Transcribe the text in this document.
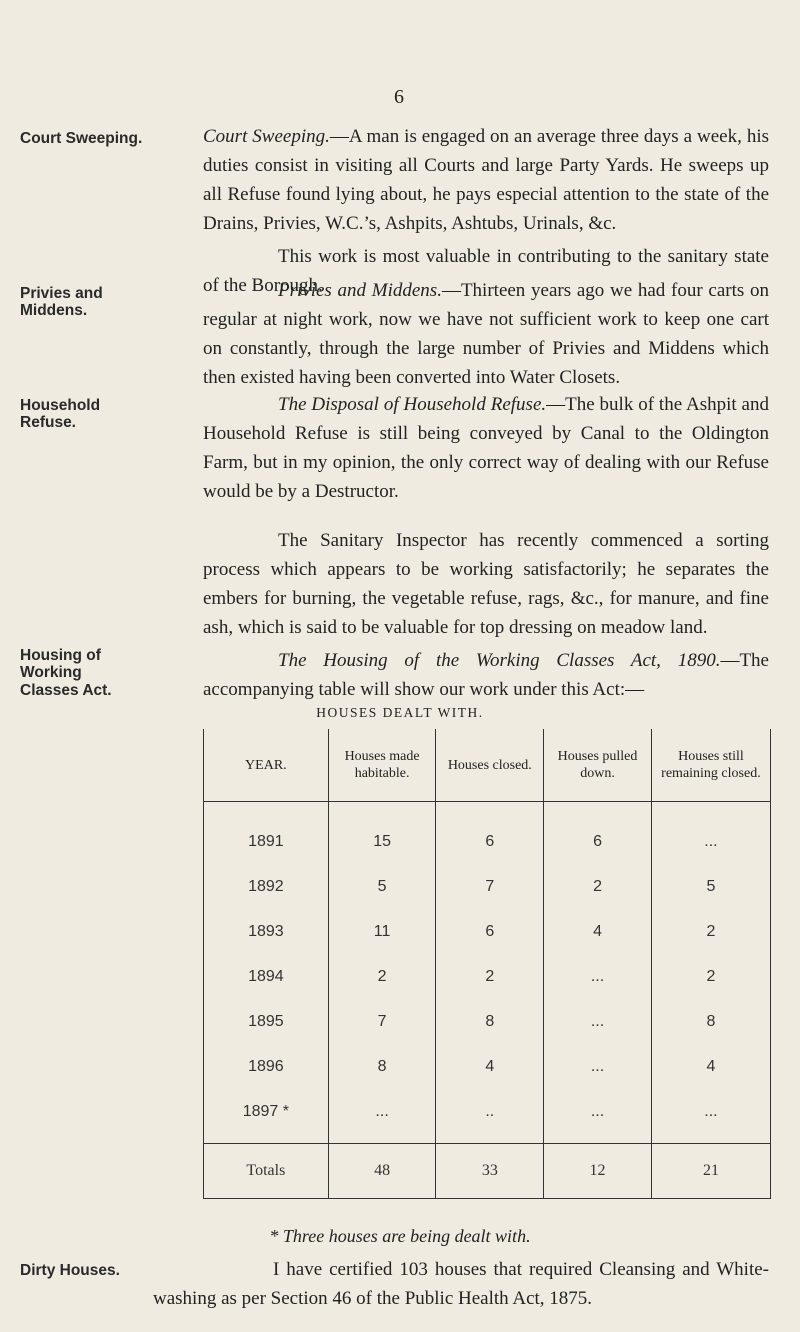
6
Court Sweeping.
Privies and Middens.
Household Refuse.
Housing of Working Classes Act.
Dirty Houses.
Court Sweeping.—A man is engaged on an average three days a week, his duties consist in visiting all Courts and large Party Yards. He sweeps up all Refuse found lying about, he pays especial attention to the state of the Drains, Privies, W.C.’s, Ashpits, Ashtubs, Urinals, &c.
This work is most valuable in contributing to the sanitary state of the Borough.
Privies and Middens.—Thirteen years ago we had four carts on regular at night work, now we have not sufficient work to keep one cart on constantly, through the large number of Privies and Middens which then existed having been converted into Water Closets.
The Disposal of Household Refuse.—The bulk of the Ashpit and Household Refuse is still being conveyed by Canal to the Oldington Farm, but in my opinion, the only correct way of dealing with our Refuse would be by a Destructor.
The Sanitary Inspector has recently commenced a sorting process which appears to be working satisfactorily; he separates the embers for burning, the vegetable refuse, rags, &c., for manure, and fine ash, which is said to be valuable for top dressing on meadow land.
The Housing of the Working Classes Act, 1890.—The accompanying table will show our work under this Act:—
HOUSES DEALT WITH.
YEAR.	Houses made habitable.	Houses closed.	Houses pulled down.	Houses still remaining closed.
1891	15	6	6	...
1892	5	7	2	5
1893	11	6	4	2
1894	2	2	...	2
1895	7	8	...	8
1896	8	4	...	4
1897 *	...	..	...	...
Totals	48	33	12	21
* Three houses are being dealt with.
I have certified 103 houses that required Cleansing and White-washing as per Section 46 of the Public Health Act, 1875.
